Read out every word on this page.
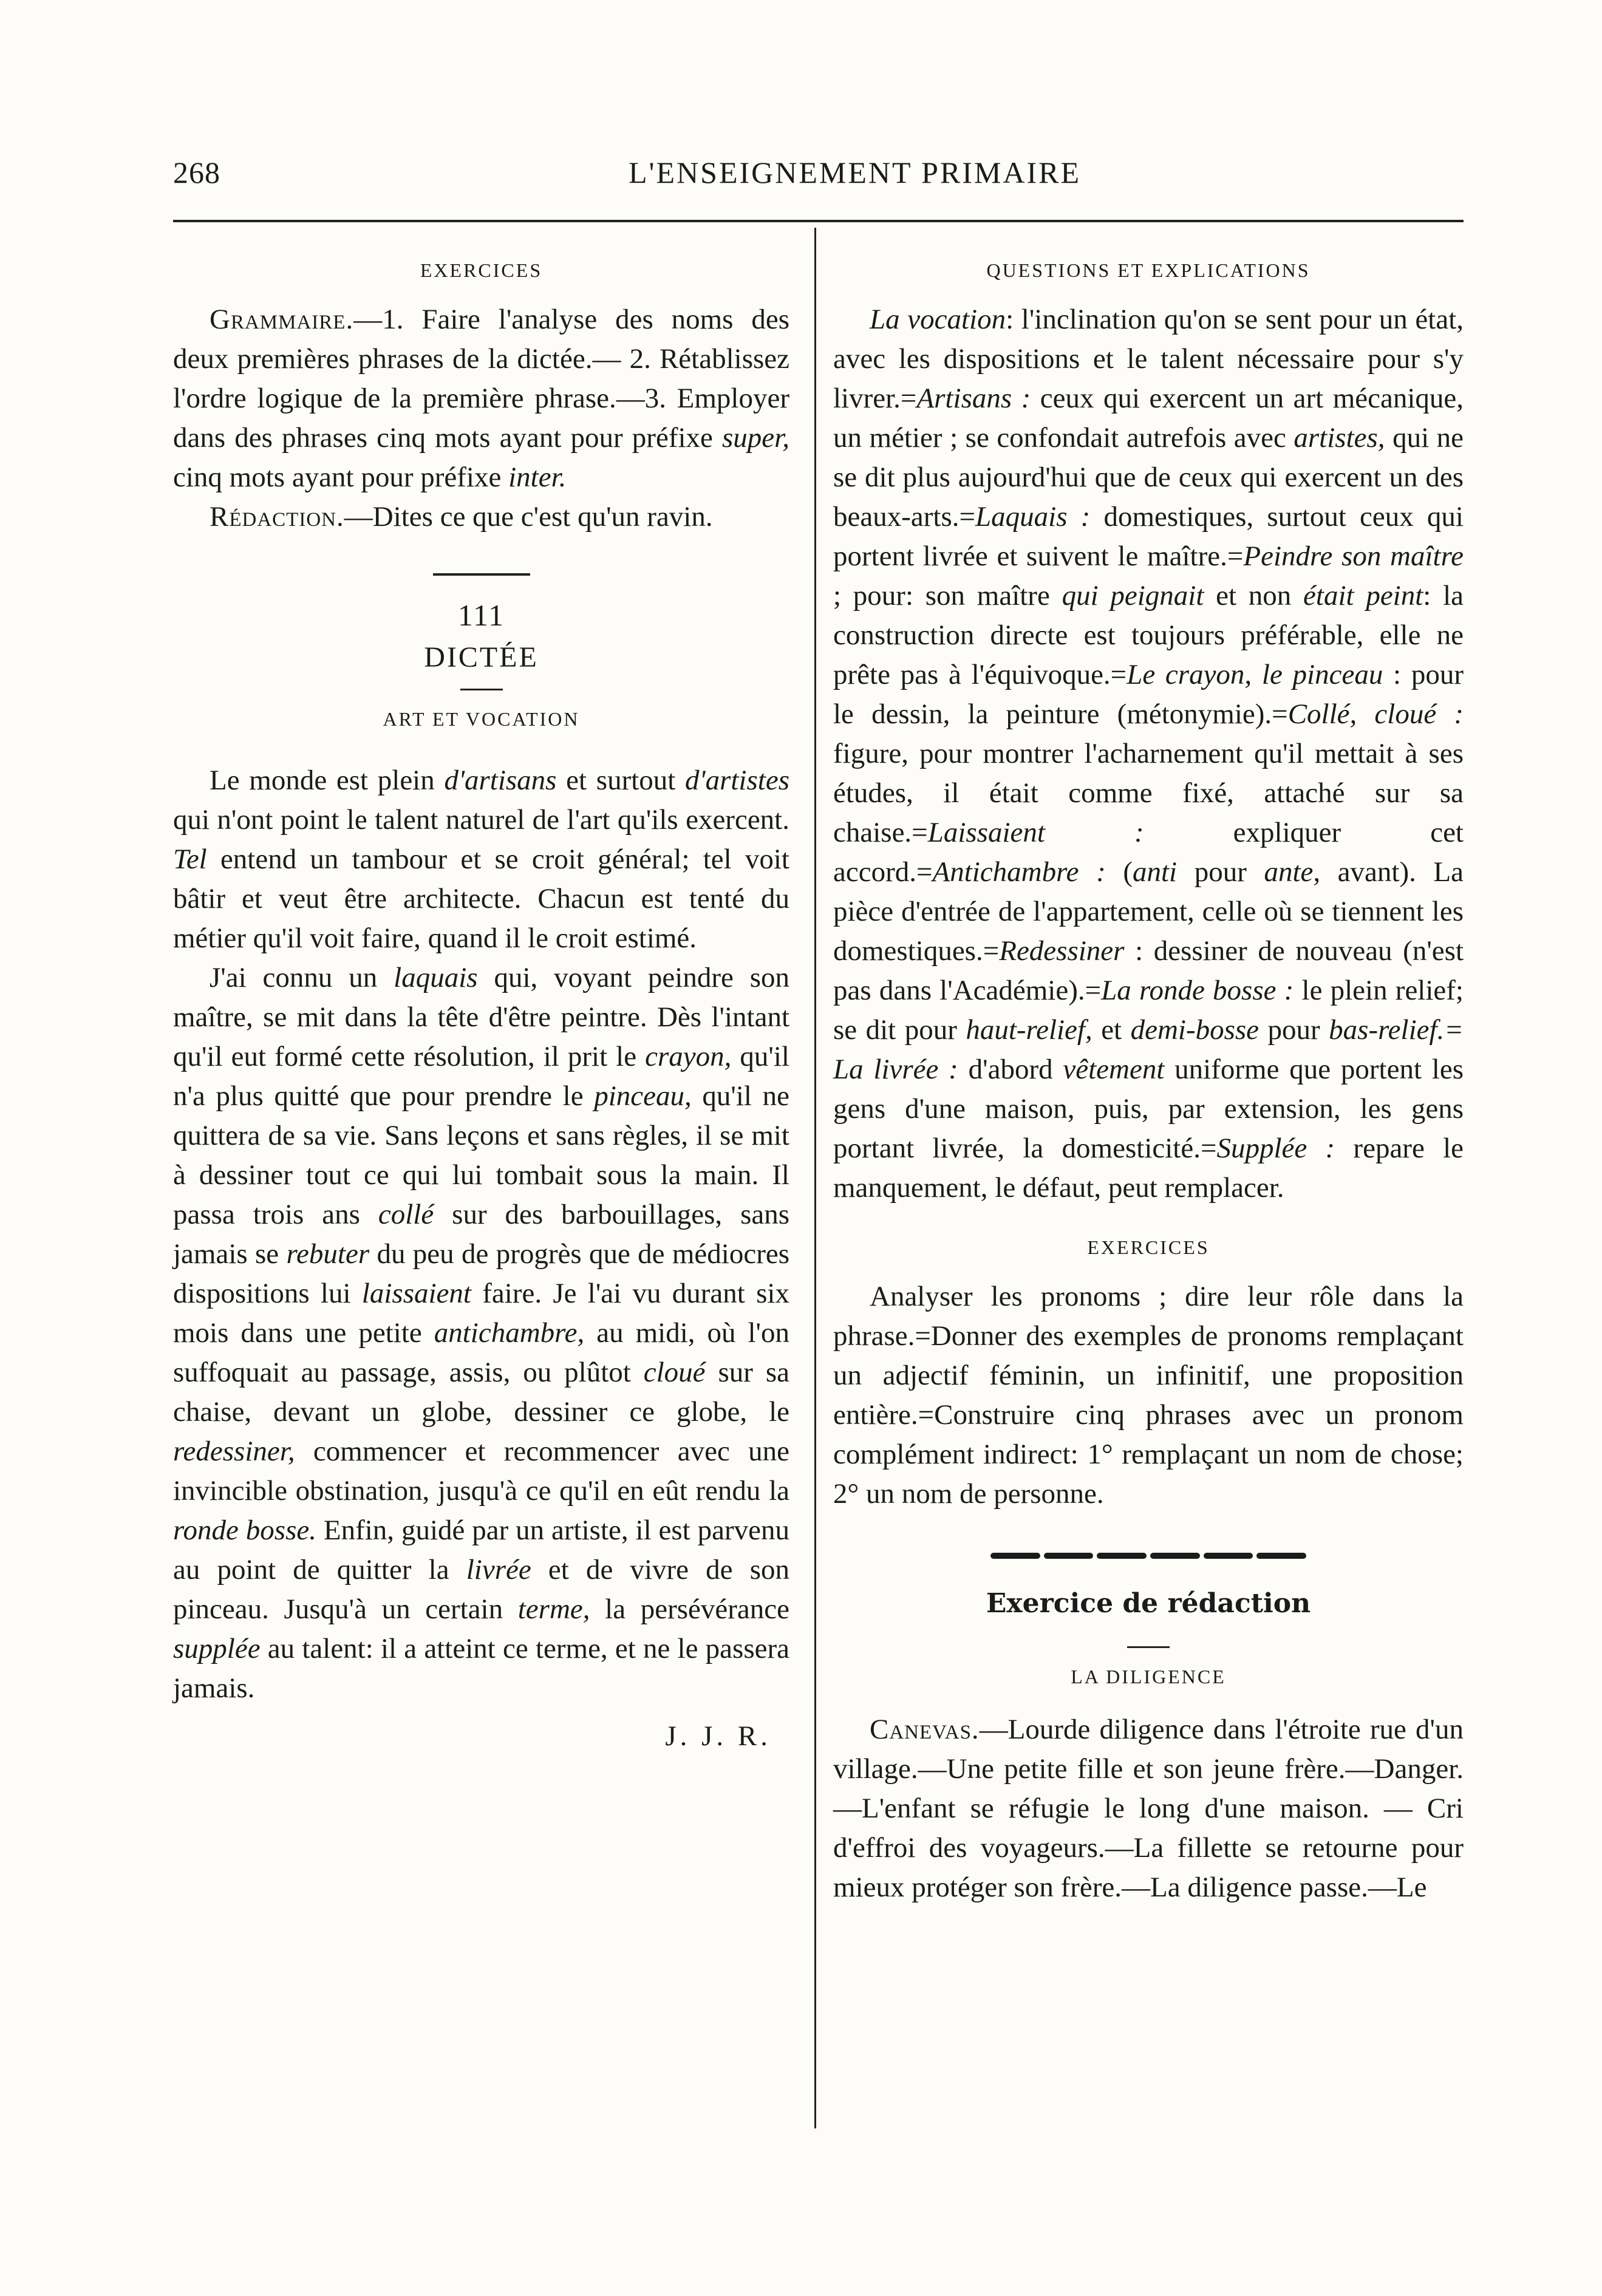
268	L'ENSEIGNEMENT PRIMAIRE
EXERCICES

Grammaire.—1. Faire l'analyse des noms des deux premières phrases de la dictée.— 2. Rétablissez l'ordre logique de la première phrase.—3. Employer dans des phrases cinq mots ayant pour préfixe super, cinq mots ayant pour préfixe inter.

Rédaction.—Dites ce que c'est qu'un ravin.

111
DICTÉE
ART ET VOCATION

Le monde est plein d'artisans et surtout d'artistes qui n'ont point le talent naturel de l'art qu'ils exercent. Tel entend un tambour et se croit général; tel voit bâtir et veut être architecte. Chacun est tenté du métier qu'il voit faire, quand il le croit estimé.

J'ai connu un laquais qui, voyant peindre son maître, se mit dans la tête d'être peintre. Dès l'intant qu'il eut formé cette résolution, il prit le crayon, qu'il n'a plus quitté que pour prendre le pinceau, qu'il ne quittera de sa vie. Sans leçons et sans règles, il se mit à dessiner tout ce qui lui tombait sous la main. Il passa trois ans collé sur des barbouillages, sans jamais se rebuter du peu de progrès que de médiocres dispositions lui laissaient faire. Je l'ai vu durant six mois dans une petite antichambre, au midi, où l'on suffoquait au passage, assis, ou plûtot cloué sur sa chaise, devant un globe, dessiner ce globe, le redessiner, commencer et recommencer avec une invincible obstination, jusqu'à ce qu'il en eût rendu la ronde bosse. Enfin, guidé par un artiste, il est parvenu au point de quitter la livrée et de vivre de son pinceau. Jusqu'à un certain terme, la persévérance supplée au talent: il a atteint ce terme, et ne le passera jamais.

J. J. R.
QUESTIONS ET EXPLICATIONS

La vocation: l'inclination qu'on se sent pour un état, avec les dispositions et le talent nécessaire pour s'y livrer.=Artisans : ceux qui exercent un art mécanique, un métier ; se confondait autrefois avec artistes, qui ne se dit plus aujourd'hui que de ceux qui exercent un des beaux-arts.=Laquais : domestiques, surtout ceux qui portent livrée et suivent le maître.=Peindre son maître ; pour: son maître qui peignait et non était peint: la construction directe est toujours préférable, elle ne prête pas à l'équivoque.=Le crayon, le pinceau : pour le dessin, la peinture (métonymie).=Collé, cloué : figure, pour montrer l'acharnement qu'il mettait à ses études, il était comme fixé, attaché sur sa chaise.=Laissaient : expliquer cet accord.=Antichambre : (anti pour ante, avant). La pièce d'entrée de l'appartement, celle où se tiennent les domestiques.=Redessiner : dessiner de nouveau (n'est pas dans l'Académie).=La ronde bosse : le plein relief; se dit pour haut-relief, et demi-bosse pour bas-relief.= La livrée : d'abord vêtement uniforme que portent les gens d'une maison, puis, par extension, les gens portant livrée, la domesticité.=Supplée : repare le manquement, le défaut, peut remplacer.

EXERCICES

Analyser les pronoms ; dire leur rôle dans la phrase.=Donner des exemples de pronoms remplaçant un adjectif féminin, un infinitif, une proposition entière.=Construire cinq phrases avec un pronom complément indirect: 1° remplaçant un nom de chose; 2° un nom de personne.

Exercice de rédaction
LA DILIGENCE

Canevas.—Lourde diligence dans l'étroite rue d'un village.—Une petite fille et son jeune frère.—Danger.—L'enfant se réfugie le long d'une maison. — Cri d'effroi des voyageurs.—La fillette se retourne pour mieux protéger son frère.—La diligence passe.—Le
